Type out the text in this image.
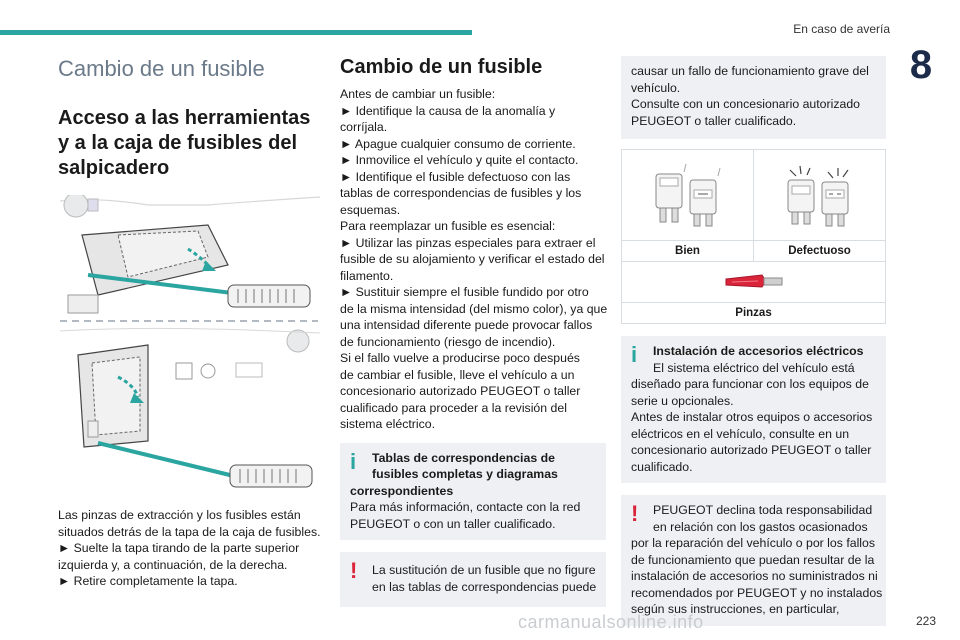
En caso de avería
8
Cambio de un fusible
Acceso a las herramientas
y a la caja de fusibles del
salpicadero
Las pinzas de extracción y los fusibles están
situados detrás de la tapa de la caja de fusibles.
► Suelte la tapa tirando de la parte superior
izquierda y, a continuación, de la derecha.
► Retire completamente la tapa.
Cambio de un fusible
Antes de cambiar un fusible:
► Identifique la causa de la anomalía y
corríjala.
► Apague cualquier consumo de corriente.
► Inmovilice el vehículo y quite el contacto.
► Identifique el fusible defectuoso con las
tablas de correspondencias de fusibles y los
esquemas.
Para reemplazar un fusible es esencial:
► Utilizar las pinzas especiales para extraer el
fusible de su alojamiento y verificar el estado del
filamento.
► Sustituir siempre el fusible fundido por otro
de la misma intensidad (del mismo color), ya que
una intensidad diferente puede provocar fallos
de funcionamiento (riesgo de incendio).
Si el fallo vuelve a producirse poco después
de cambiar el fusible, lleve el vehículo a un
concesionario autorizado PEUGEOT o taller
cualificado para proceder a la revisión del
sistema eléctrico.
i Tablas de correspondencias de
fusibles completas y diagramas
correspondientes
Para más información, contacte con la red
PEUGEOT o con un taller cualificado.
! La sustitución de un fusible que no figure
en las tablas de correspondencias puede
causar un fallo de funcionamiento grave del
vehículo.
Consulte con un concesionario autorizado
PEUGEOT o taller cualificado.
Bien	Defectuoso
Pinzas
i	Instalación de accesorios eléctricos
El sistema eléctrico del vehículo está
diseñado para funcionar con los equipos de
serie u opcionales.
Antes de instalar otros equipos o accesorios
eléctricos en el vehículo, consulte en un
concesionario autorizado PEUGEOT o taller
cualificado.
!	PEUGEOT declina toda responsabilidad
en relación con los gastos ocasionados
por la reparación del vehículo o por los fallos
de funcionamiento que puedan resultar de la
instalación de accesorios no suministrados ni
recomendados por PEUGEOT y no instalados
según sus instrucciones, en particular,
carmanualsonline.info	223
